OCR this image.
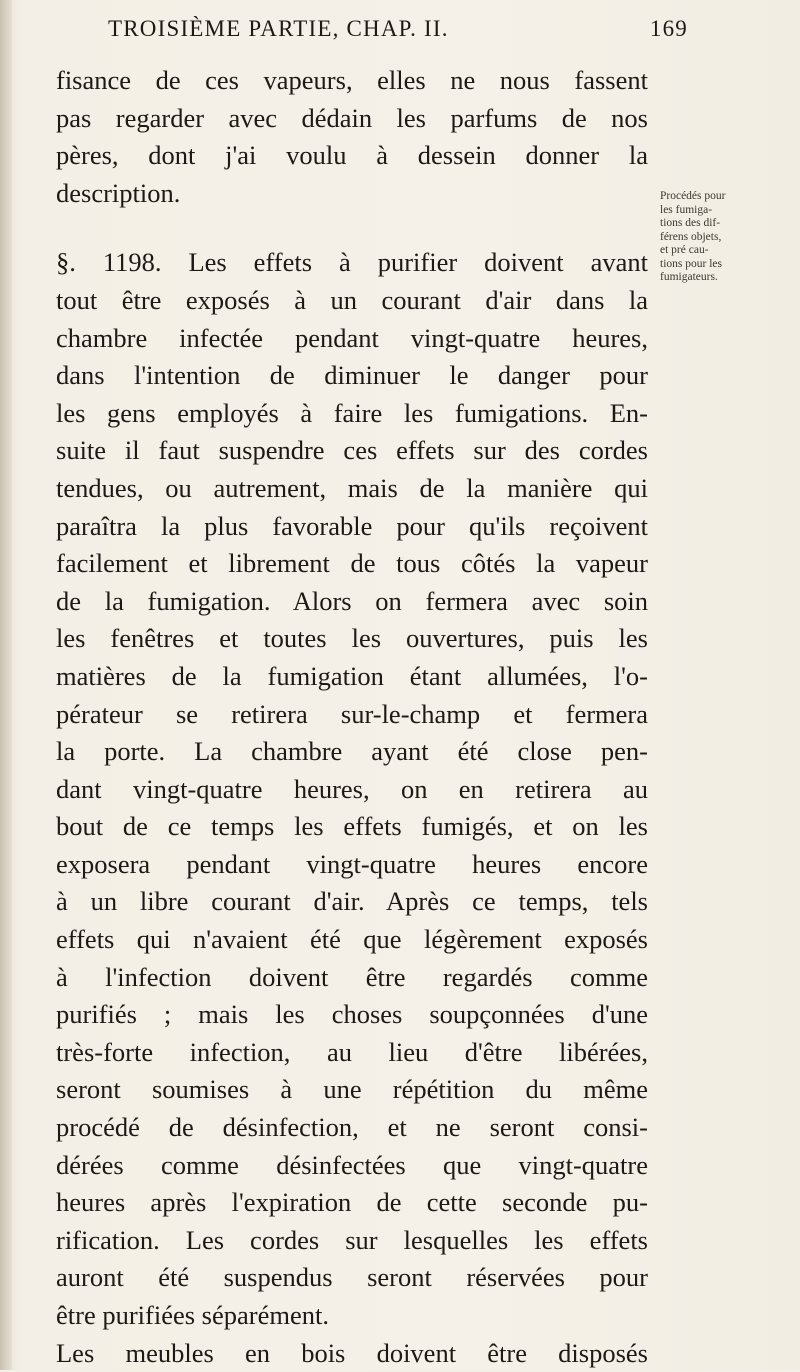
TROISIÈME PARTIE, CHAP. II.	169
fisance de ces vapeurs, elles ne nous fassent
pas regarder avec dédain les parfums de nos
pères, dont j'ai voulu à dessein donner la
description.
§. 1198. Les effets à purifier doivent avant
tout être exposés à un courant d'air dans la
chambre infectée pendant vingt-quatre heures,
dans l'intention de diminuer le danger pour
les gens employés à faire les fumigations. En-
suite il faut suspendre ces effets sur des cordes
tendues, ou autrement, mais de la manière qui
paraîtra la plus favorable pour qu'ils reçoivent
facilement et librement de tous côtés la vapeur
de la fumigation. Alors on fermera avec soin
les fenêtres et toutes les ouvertures, puis les
matières de la fumigation étant allumées, l'o-
pérateur se retirera sur-le-champ et fermera
la porte. La chambre ayant été close pen-
dant vingt-quatre heures, on en retirera au
bout de ce temps les effets fumigés, et on les
exposera pendant vingt-quatre heures encore
à un libre courant d'air. Après ce temps, tels
effets qui n'avaient été que légèrement exposés
à l'infection doivent être regardés comme
purifiés ; mais les choses soupçonnées d'une
très-forte infection, au lieu d'être libérées,
seront soumises à une répétition du même
procédé de désinfection, et ne seront consi-
dérées comme désinfectées que vingt-quatre
heures après l'expiration de cette seconde pu-
rification. Les cordes sur lesquelles les effets
auront été suspendus seront réservées pour
être purifiées séparément.
Les meubles en bois doivent être disposés
Procédés pour
les fumiga-
tions des dif-
férens objets,
et pré cau-
tions pour les
fumigateurs.
